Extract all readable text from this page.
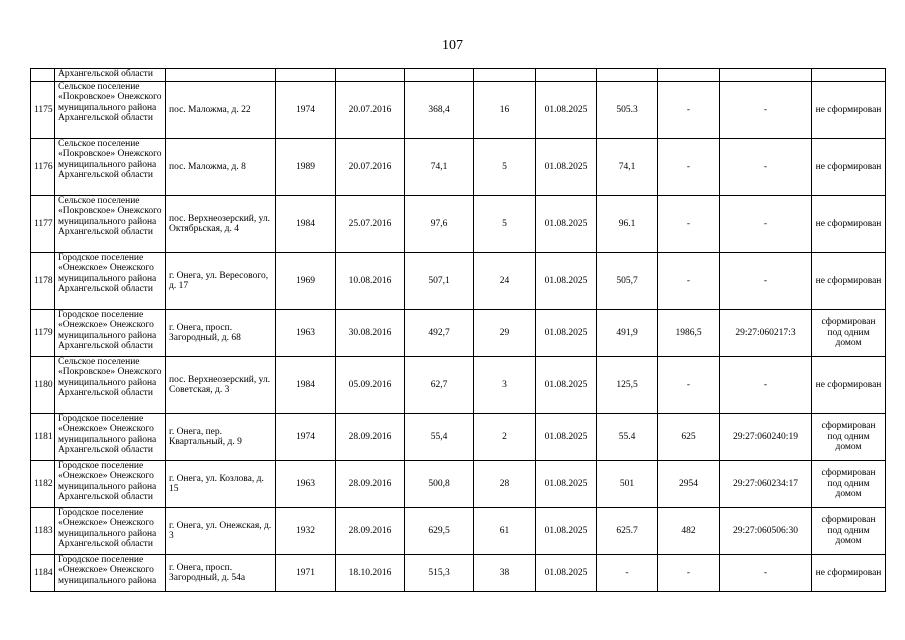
107
	Архангельской области										
1175	Сельское поселение «Покровское» Онежского муниципального района Архангельской области	пос. Маложма, д. 22	1974	20.07.2016	368,4	16	01.08.2025	505.3	-	-	не сформирован
1176	Сельское поселение «Покровское» Онежского муниципального района Архангельской области	пос. Маложма, д. 8	1989	20.07.2016	74,1	5	01.08.2025	74,1	-	-	не сформирован
1177	Сельское поселение «Покровское» Онежского муниципального района Архангельской области	пос. Верхнеозерский, ул. Октябрьская, д. 4	1984	25.07.2016	97,6	5	01.08.2025	96.1	-	-	не сформирован
1178	Городское поселение «Онежское» Онежского муниципального района Архангельской области	г. Онега, ул. Вересового, д. 17	1969	10.08.2016	507,1	24	01.08.2025	505,7	-	-	не сформирован
1179	Городское поселение «Онежское» Онежского муниципального района Архангельской области	г. Онега, просп. Загородный, д. 68	1963	30.08.2016	492,7	29	01.08.2025	491,9	1986,5	29:27:060217:3	сформирован под одним домом
1180	Сельское поселение «Покровское» Онежского муниципального района Архангельской области	пос. Верхнеозерский, ул. Советская, д. 3	1984	05.09.2016	62,7	3	01.08.2025	125,5	-	-	не сформирован
1181	Городское поселение «Онежское» Онежского муниципального района Архангельской области	г. Онега, пер. Квартальный, д. 9	1974	28.09.2016	55,4	2	01.08.2025	55.4	625	29:27:060240:19	сформирован под одним домом
1182	Городское поселение «Онежское» Онежского муниципального района Архангельской области	г. Онега, ул. Козлова, д. 15	1963	28.09.2016	500,8	28	01.08.2025	501	2954	29:27:060234:17	сформирован под одним домом
1183	Городское поселение «Онежское» Онежского муниципального района Архангельской области	г. Онега, ул. Онежская, д. 3	1932	28.09.2016	629,5	61	01.08.2025	625.7	482	29:27:060506:30	сформирован под одним домом
1184	Городское поселение «Онежское» Онежского муниципального района	г. Онега, просп. Загородный, д. 54а	1971	18.10.2016	515,3	38	01.08.2025	-	-	-	не сформирован
